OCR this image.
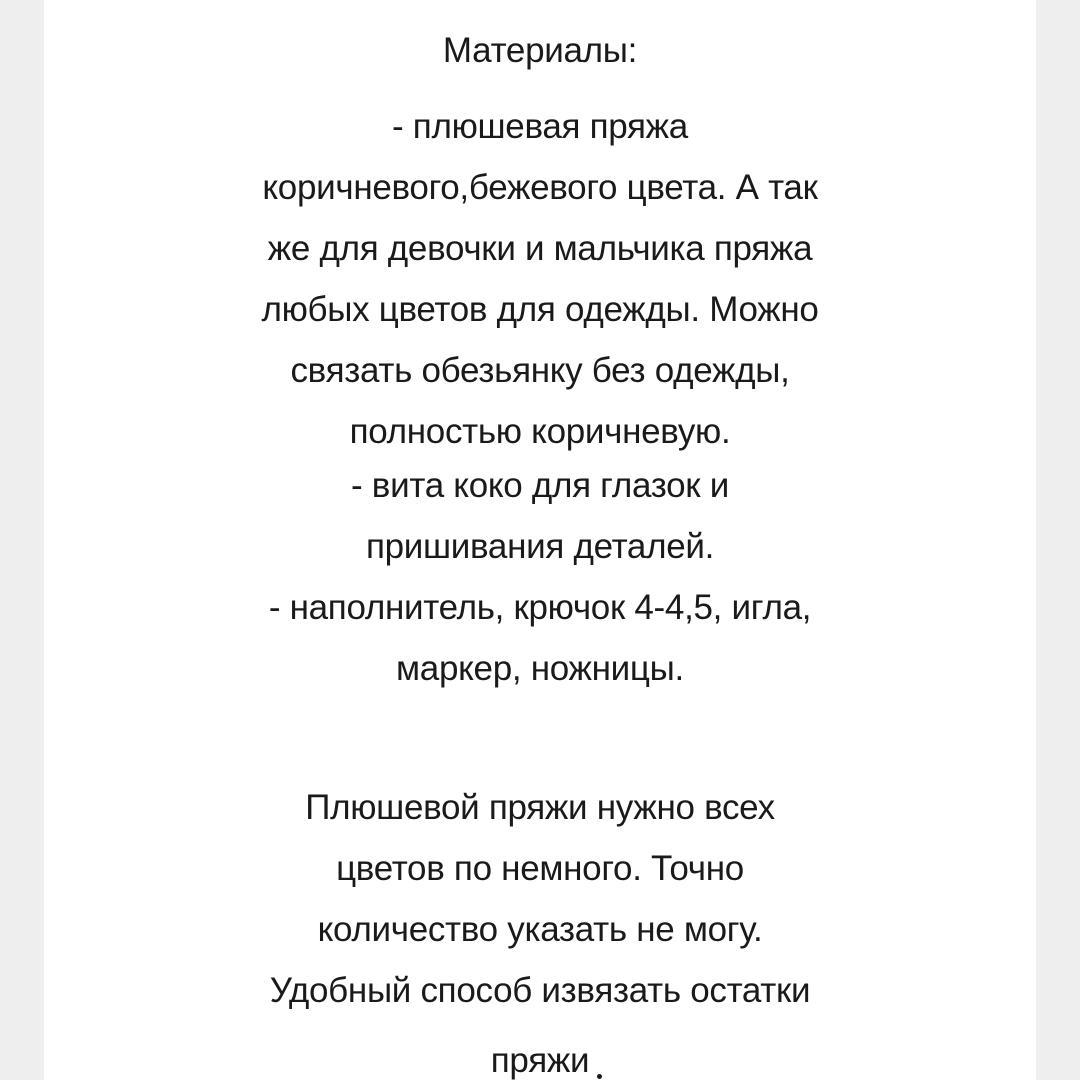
Материалы:

- плюшевая пряжа
коричневого,бежевого цвета. А так
же для девочки и мальчика пряжа
любых цветов для одежды. Можно
связать обезьянку без одежды,
полностью коричневую.

- вита коко для глазок и
пришивания деталей.

- наполнитель, крючок 4-4,5, игла,
маркер, ножницы.

Плюшевой пряжи нужно всех
цветов по немного. Точно
количество указать не могу.

Удобный способ извязать остатки

пряжи
